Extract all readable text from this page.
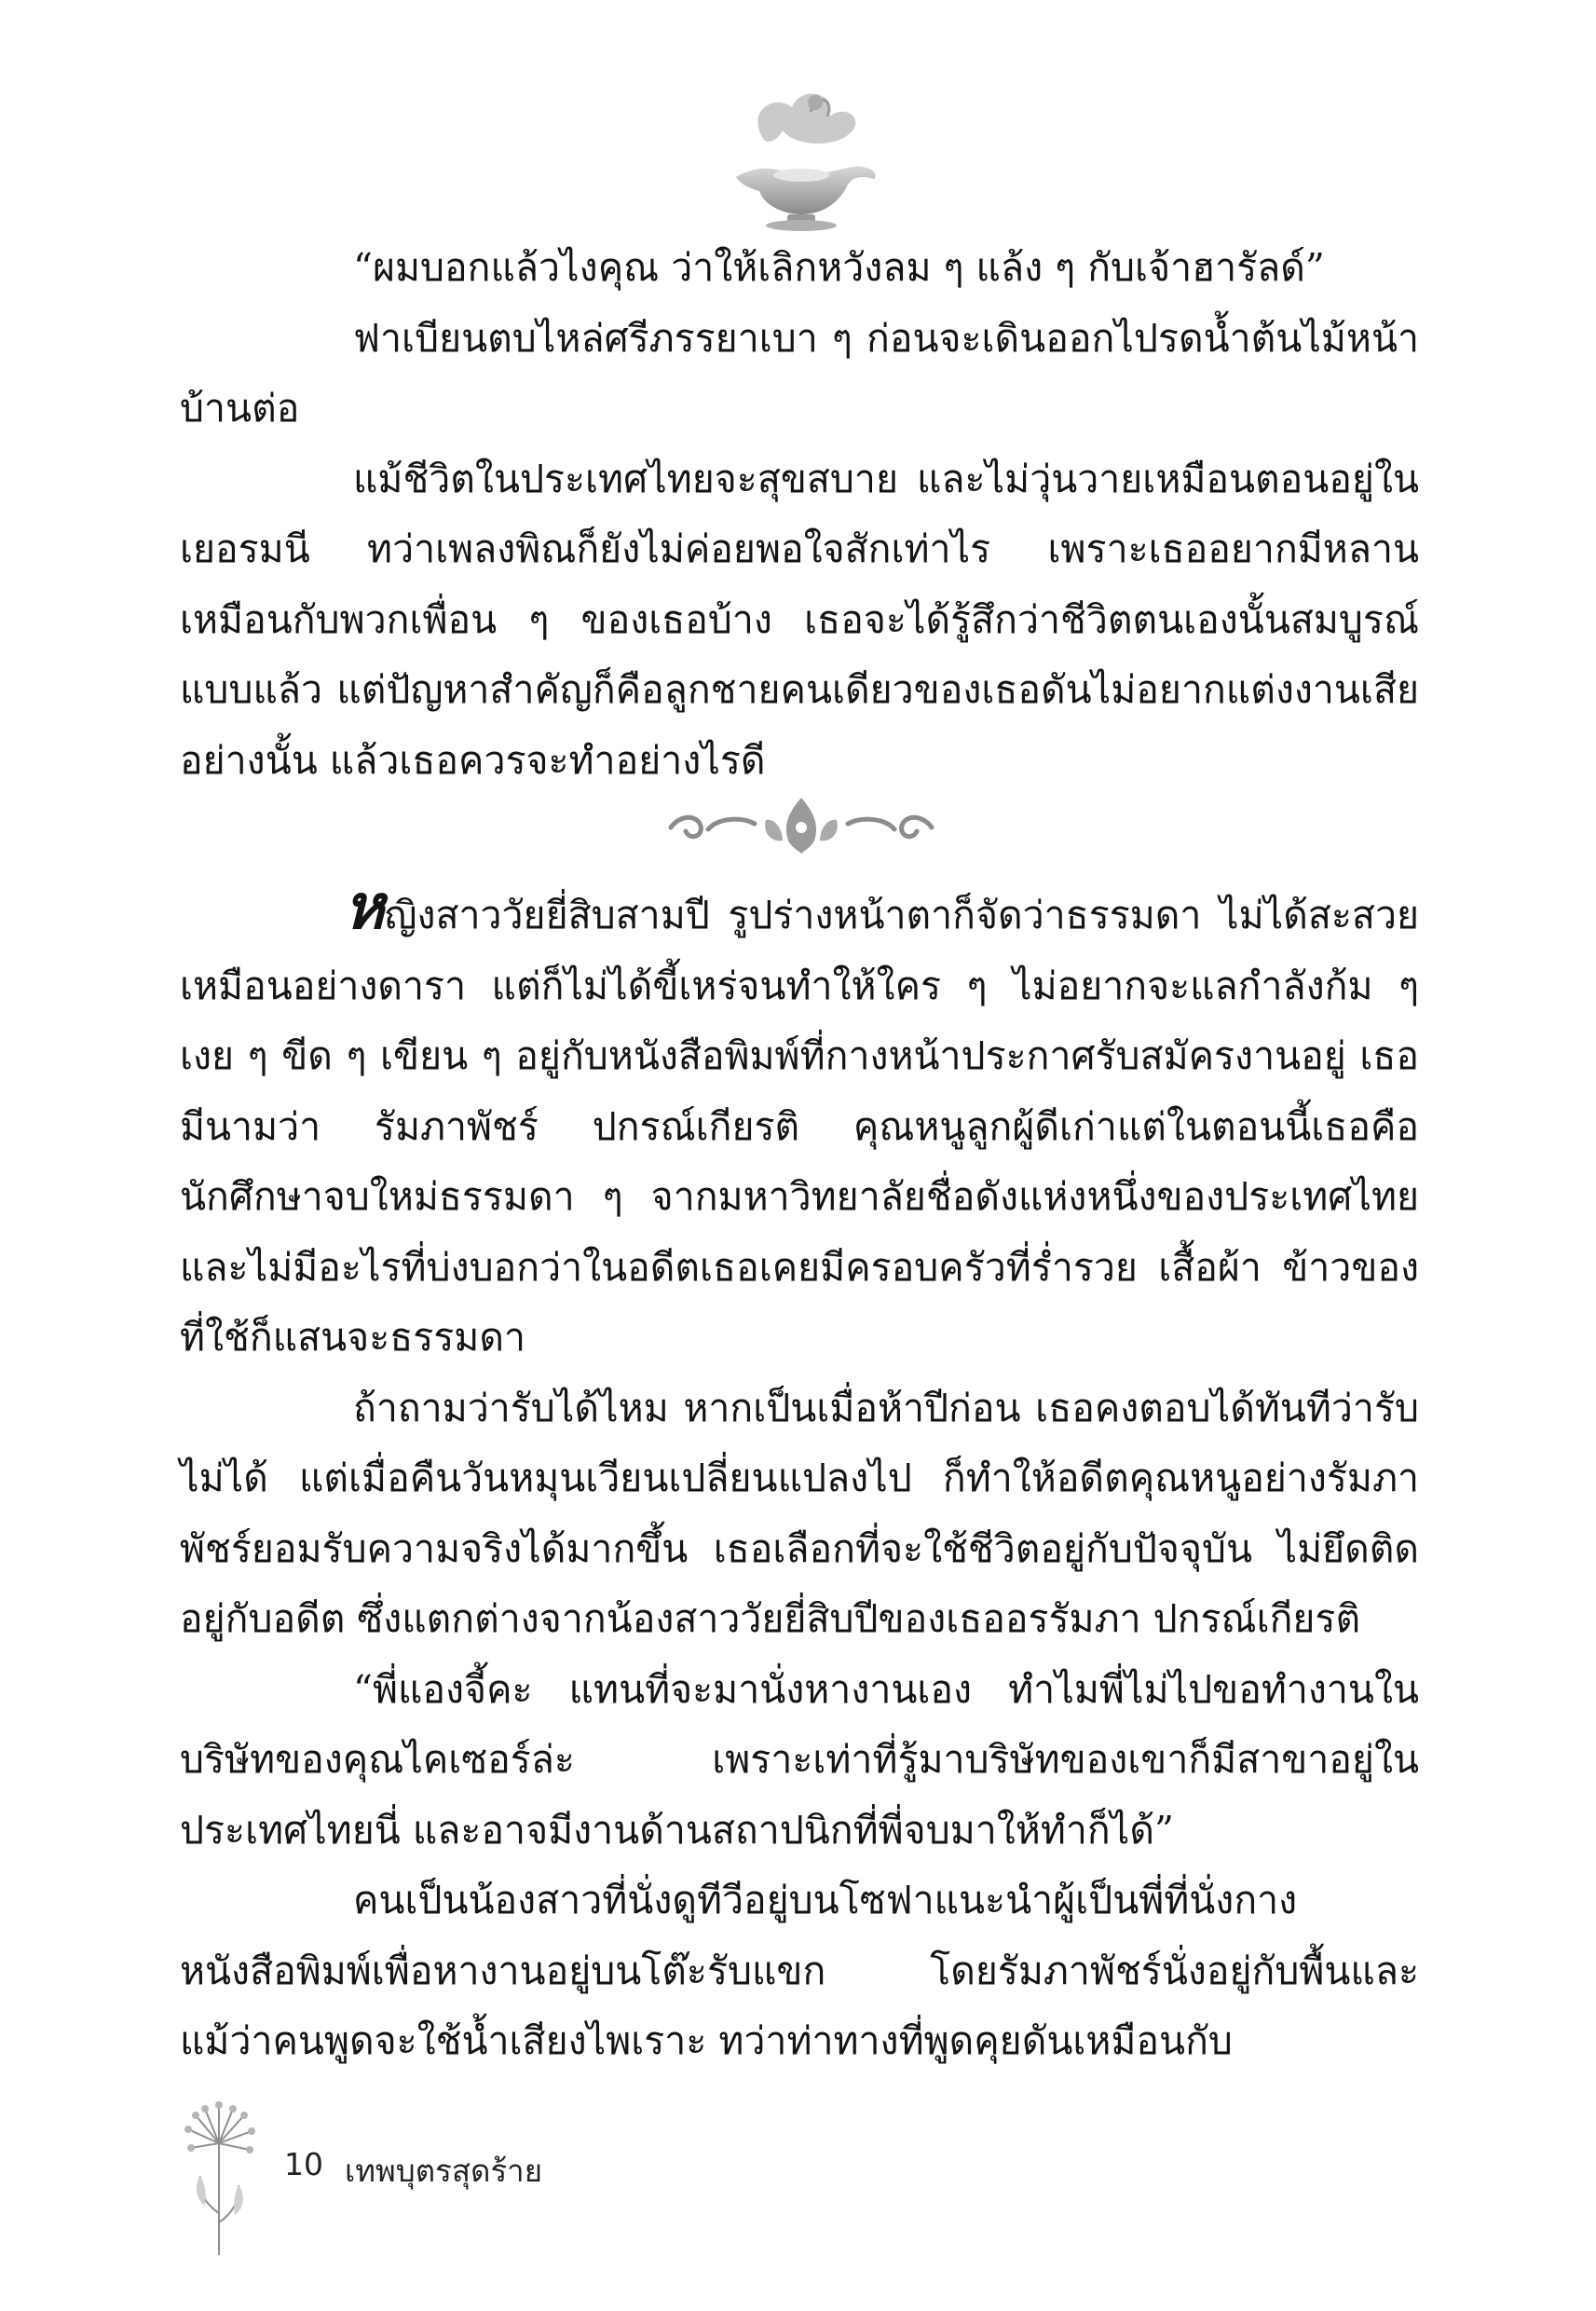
“ผมบอกแล้วไงคุณ ว่าให้เลิกหวังลม ๆ แล้ง ๆ กับเจ้าฮารัลด์”

ฟาเบียนตบไหล่ศรีภรรยาเบา ๆ ก่อนจะเดินออกไปรดน้ำต้นไม้หน้าบ้านต่อ

แม้ชีวิตในประเทศไทยจะสุขสบาย และไม่วุ่นวายเหมือนตอนอยู่ในเยอรมนี ทว่าเพลงพิณก็ยังไม่ค่อยพอใจสักเท่าไร เพราะเธออยากมีหลานเหมือนกับพวกเพื่อน ๆ ของเธอบ้าง เธอจะได้รู้สึกว่าชีวิตตนเองนั้นสมบูรณ์แบบแล้ว แต่ปัญหาสำคัญก็คือลูกชายคนเดียวของเธอดันไม่อยากแต่งงานเสียอย่างนั้น แล้วเธอควรจะทำอย่างไรดี

หญิงสาววัยยี่สิบสามปี รูปร่างหน้าตาก็จัดว่าธรรมดา ไม่ได้สะสวยเหมือนอย่างดารา แต่ก็ไม่ได้ขี้เหร่จนทำให้ใคร ๆ ไม่อยากจะแลกำลังก้ม ๆ เงย ๆ ขีด ๆ เขียน ๆ อยู่กับหนังสือพิมพ์ที่กางหน้าประกาศรับสมัครงานอยู่ เธอมีนามว่า รัมภาพัชร์ ปกรณ์เกียรติ คุณหนูลูกผู้ดีเก่าแต่ในตอนนี้เธอคือนักศึกษาจบใหม่ธรรมดา ๆ จากมหาวิทยาลัยชื่อดังแห่งหนึ่งของประเทศไทย และไม่มีอะไรที่บ่งบอกว่าในอดีตเธอเคยมีครอบครัวที่ร่ำรวย เสื้อผ้า ข้าวของที่ใช้ก็แสนจะธรรมดา

ถ้าถามว่ารับได้ไหม หากเป็นเมื่อห้าปีก่อน เธอคงตอบได้ทันทีว่ารับไม่ได้ แต่เมื่อคืนวันหมุนเวียนเปลี่ยนแปลงไป ก็ทำให้อดีตคุณหนูอย่างรัมภาพัชร์ยอมรับความจริงได้มากขึ้น เธอเลือกที่จะใช้ชีวิตอยู่กับปัจจุบัน ไม่ยึดติดอยู่กับอดีต ซึ่งแตกต่างจากน้องสาววัยยี่สิบปีของเธออรรัมภา ปกรณ์เกียรติ

“พี่แองจี้คะ แทนที่จะมานั่งหางานเอง ทำไมพี่ไม่ไปขอทำงานในบริษัทของคุณไคเซอร์ล่ะ เพราะเท่าที่รู้มาบริษัทของเขาก็มีสาขาอยู่ในประเทศไทยนี่ และอาจมีงานด้านสถาปนิกที่พี่จบมาให้ทำก็ได้”

คนเป็นน้องสาวที่นั่งดูทีวีอยู่บนโซฟาแนะนำผู้เป็นพี่ที่นั่งกางหนังสือพิมพ์เพื่อหางานอยู่บนโต๊ะรับแขก โดยรัมภาพัชร์นั่งอยู่กับพื้นและแม้ว่าคนพูดจะใช้น้ำเสียงไพเราะ ทว่าท่าทางที่พูดคุยดันเหมือนกับ

10 เทพบุตรสุดร้าย
